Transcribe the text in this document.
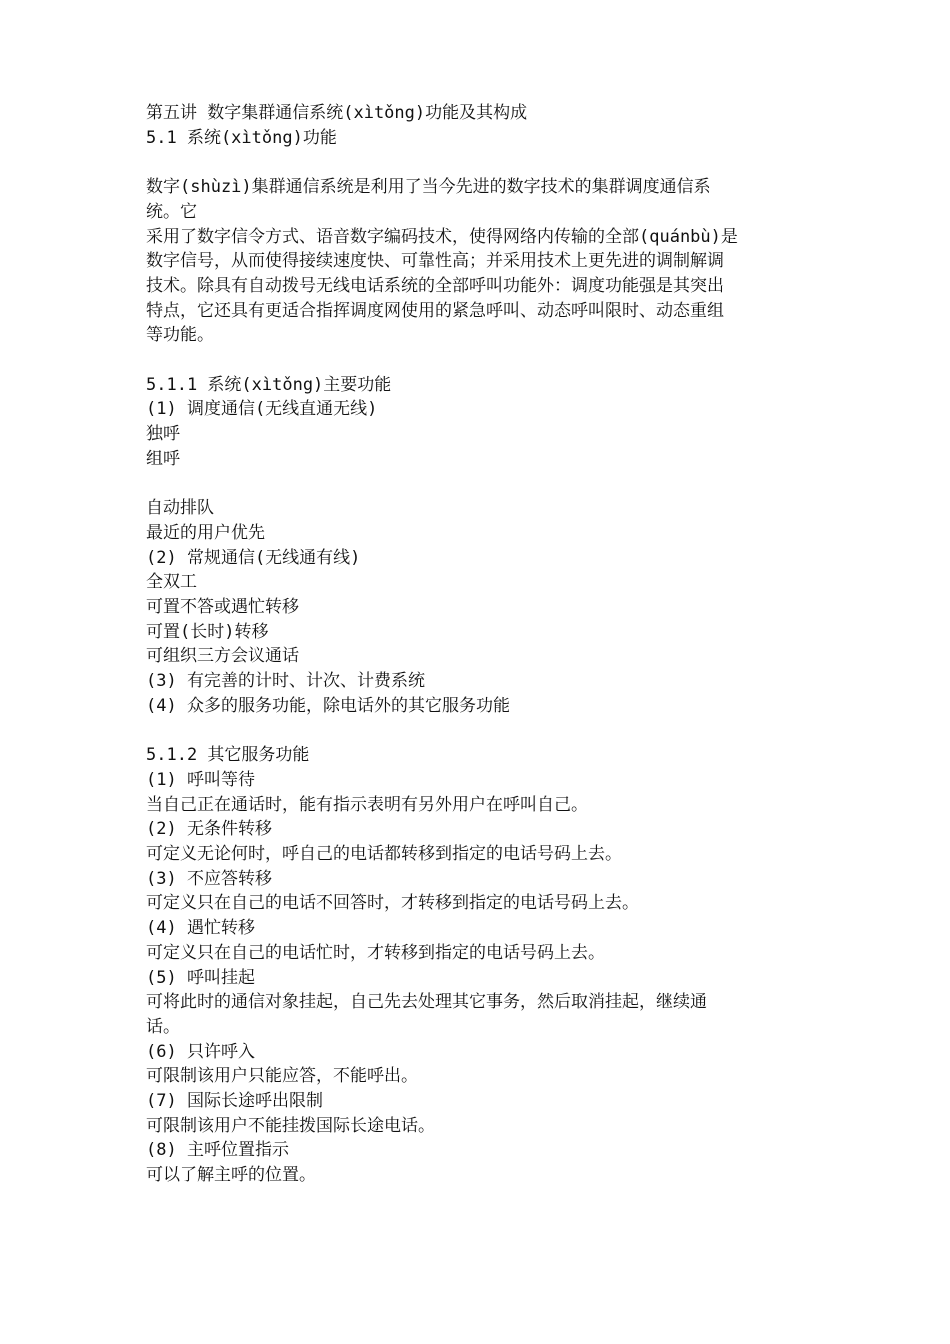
第五讲 数字集群通信系统(xìtǒng)功能及其构成

5.1 系统(xìtǒng)功能

数字(shùzì)集群通信系统是利用了当今先进的数字技术的集群调度通信系

统。它

采用了数字信令方式、语音数字编码技术，使得网络内传输的全部(quánbù)是

数字信号，从而使得接续速度快、可靠性高；并采用技术上更先进的调制解调

技术。除具有自动拨号无线电话系统的全部呼叫功能外：调度功能强是其突出

特点，它还具有更适合指挥调度网使用的紧急呼叫、动态呼叫限时、动态重组

等功能。

5.1.1 系统(xìtǒng)主要功能

(1) 调度通信(无线直通无线)

独呼

组呼

自动排队

最近的用户优先

(2) 常规通信(无线通有线)

全双工

可置不答或遇忙转移

可置(长时)转移

可组织三方会议通话

(3) 有完善的计时、计次、计费系统

(4) 众多的服务功能，除电话外的其它服务功能

5.1.2 其它服务功能

(1) 呼叫等待

当自己正在通话时，能有指示表明有另外用户在呼叫自己。

(2) 无条件转移

可定义无论何时，呼自己的电话都转移到指定的电话号码上去。

(3) 不应答转移

可定义只在自己的电话不回答时，才转移到指定的电话号码上去。

(4) 遇忙转移

可定义只在自己的电话忙时，才转移到指定的电话号码上去。

(5) 呼叫挂起

可将此时的通信对象挂起，自己先去处理其它事务，然后取消挂起，继续通

话。

(6) 只许呼入

可限制该用户只能应答，不能呼出。

(7) 国际长途呼出限制

可限制该用户不能挂拨国际长途电话。

(8) 主呼位置指示

可以了解主呼的位置。
